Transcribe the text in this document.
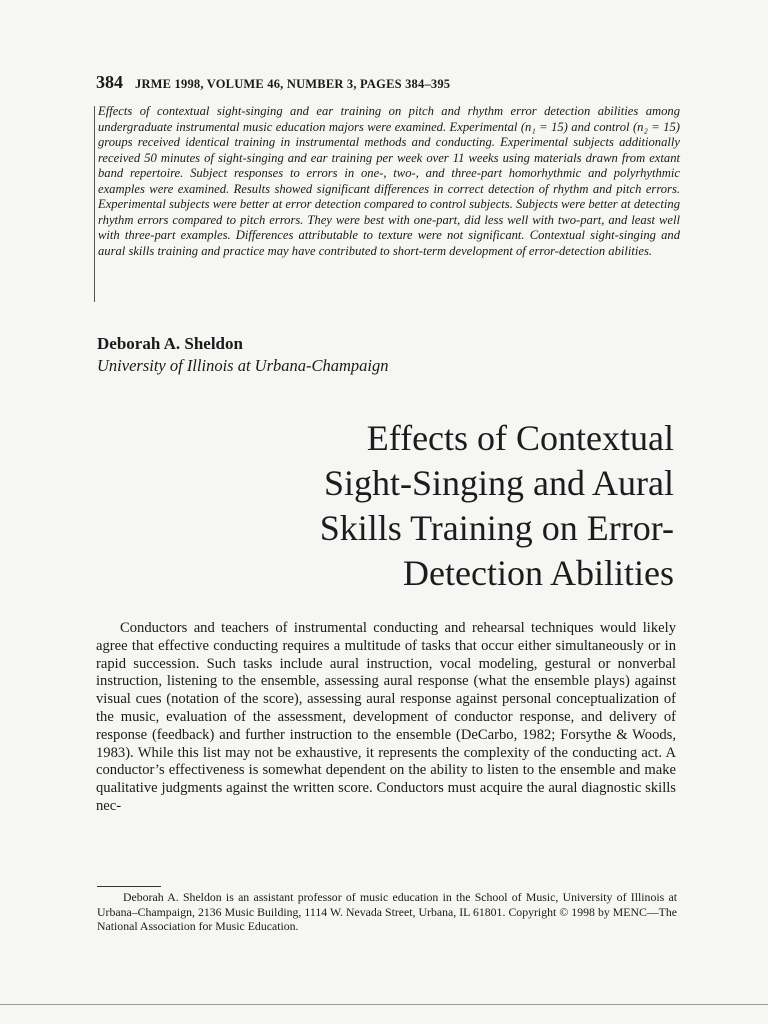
384 JRME 1998, VOLUME 46, NUMBER 3, PAGES 384–395

Effects of contextual sight-singing and ear training on pitch and rhythm error detection abilities among undergraduate instrumental music education majors were examined. Experimental (n₁ = 15) and control (n₂ = 15) groups received identical training in instrumental methods and conducting. Experimental subjects additionally received 50 minutes of sight-singing and ear training per week over 11 weeks using materials drawn from extant band repertoire. Subject responses to errors in one-, two-, and three-part homorhythmic and polyrhythmic examples were examined. Results showed significant differences in correct detection of rhythm and pitch errors. Experimental subjects were better at error detection compared to control subjects. Subjects were better at detecting rhythm errors compared to pitch errors. They were best with one-part, did less well with two-part, and least well with three-part examples. Differences attributable to texture were not significant. Contextual sight-singing and aural skills training and practice may have contributed to short-term development of error-detection abilities.

Deborah A. Sheldon

University of Illinois at Urbana-Champaign

Effects of Contextual
Sight-Singing and Aural
Skills Training on Error-
Detection Abilities

Conductors and teachers of instrumental conducting and rehearsal techniques would likely agree that effective conducting requires a multitude of tasks that occur either simultaneously or in rapid succession. Such tasks include aural instruction, vocal modeling, gestural or nonverbal instruction, listening to the ensemble, assessing aural response (what the ensemble plays) against visual cues (notation of the score), assessing aural response against personal conceptualization of the music, evaluation of the assessment, development of conductor response, and delivery of response (feedback) and further instruction to the ensemble (DeCarbo, 1982; Forsythe & Woods, 1983). While this list may not be exhaustive, it represents the complexity of the conducting act. A conductor’s effectiveness is somewhat dependent on the ability to listen to the ensemble and make qualitative judgments against the written score. Conductors must acquire the aural diagnostic skills nec-

Deborah A. Sheldon is an assistant professor of music education in the School of Music, University of Illinois at Urbana–Champaign, 2136 Music Building, 1114 W. Nevada Street, Urbana, IL 61801. Copyright © 1998 by MENC—The National Association for Music Education.
